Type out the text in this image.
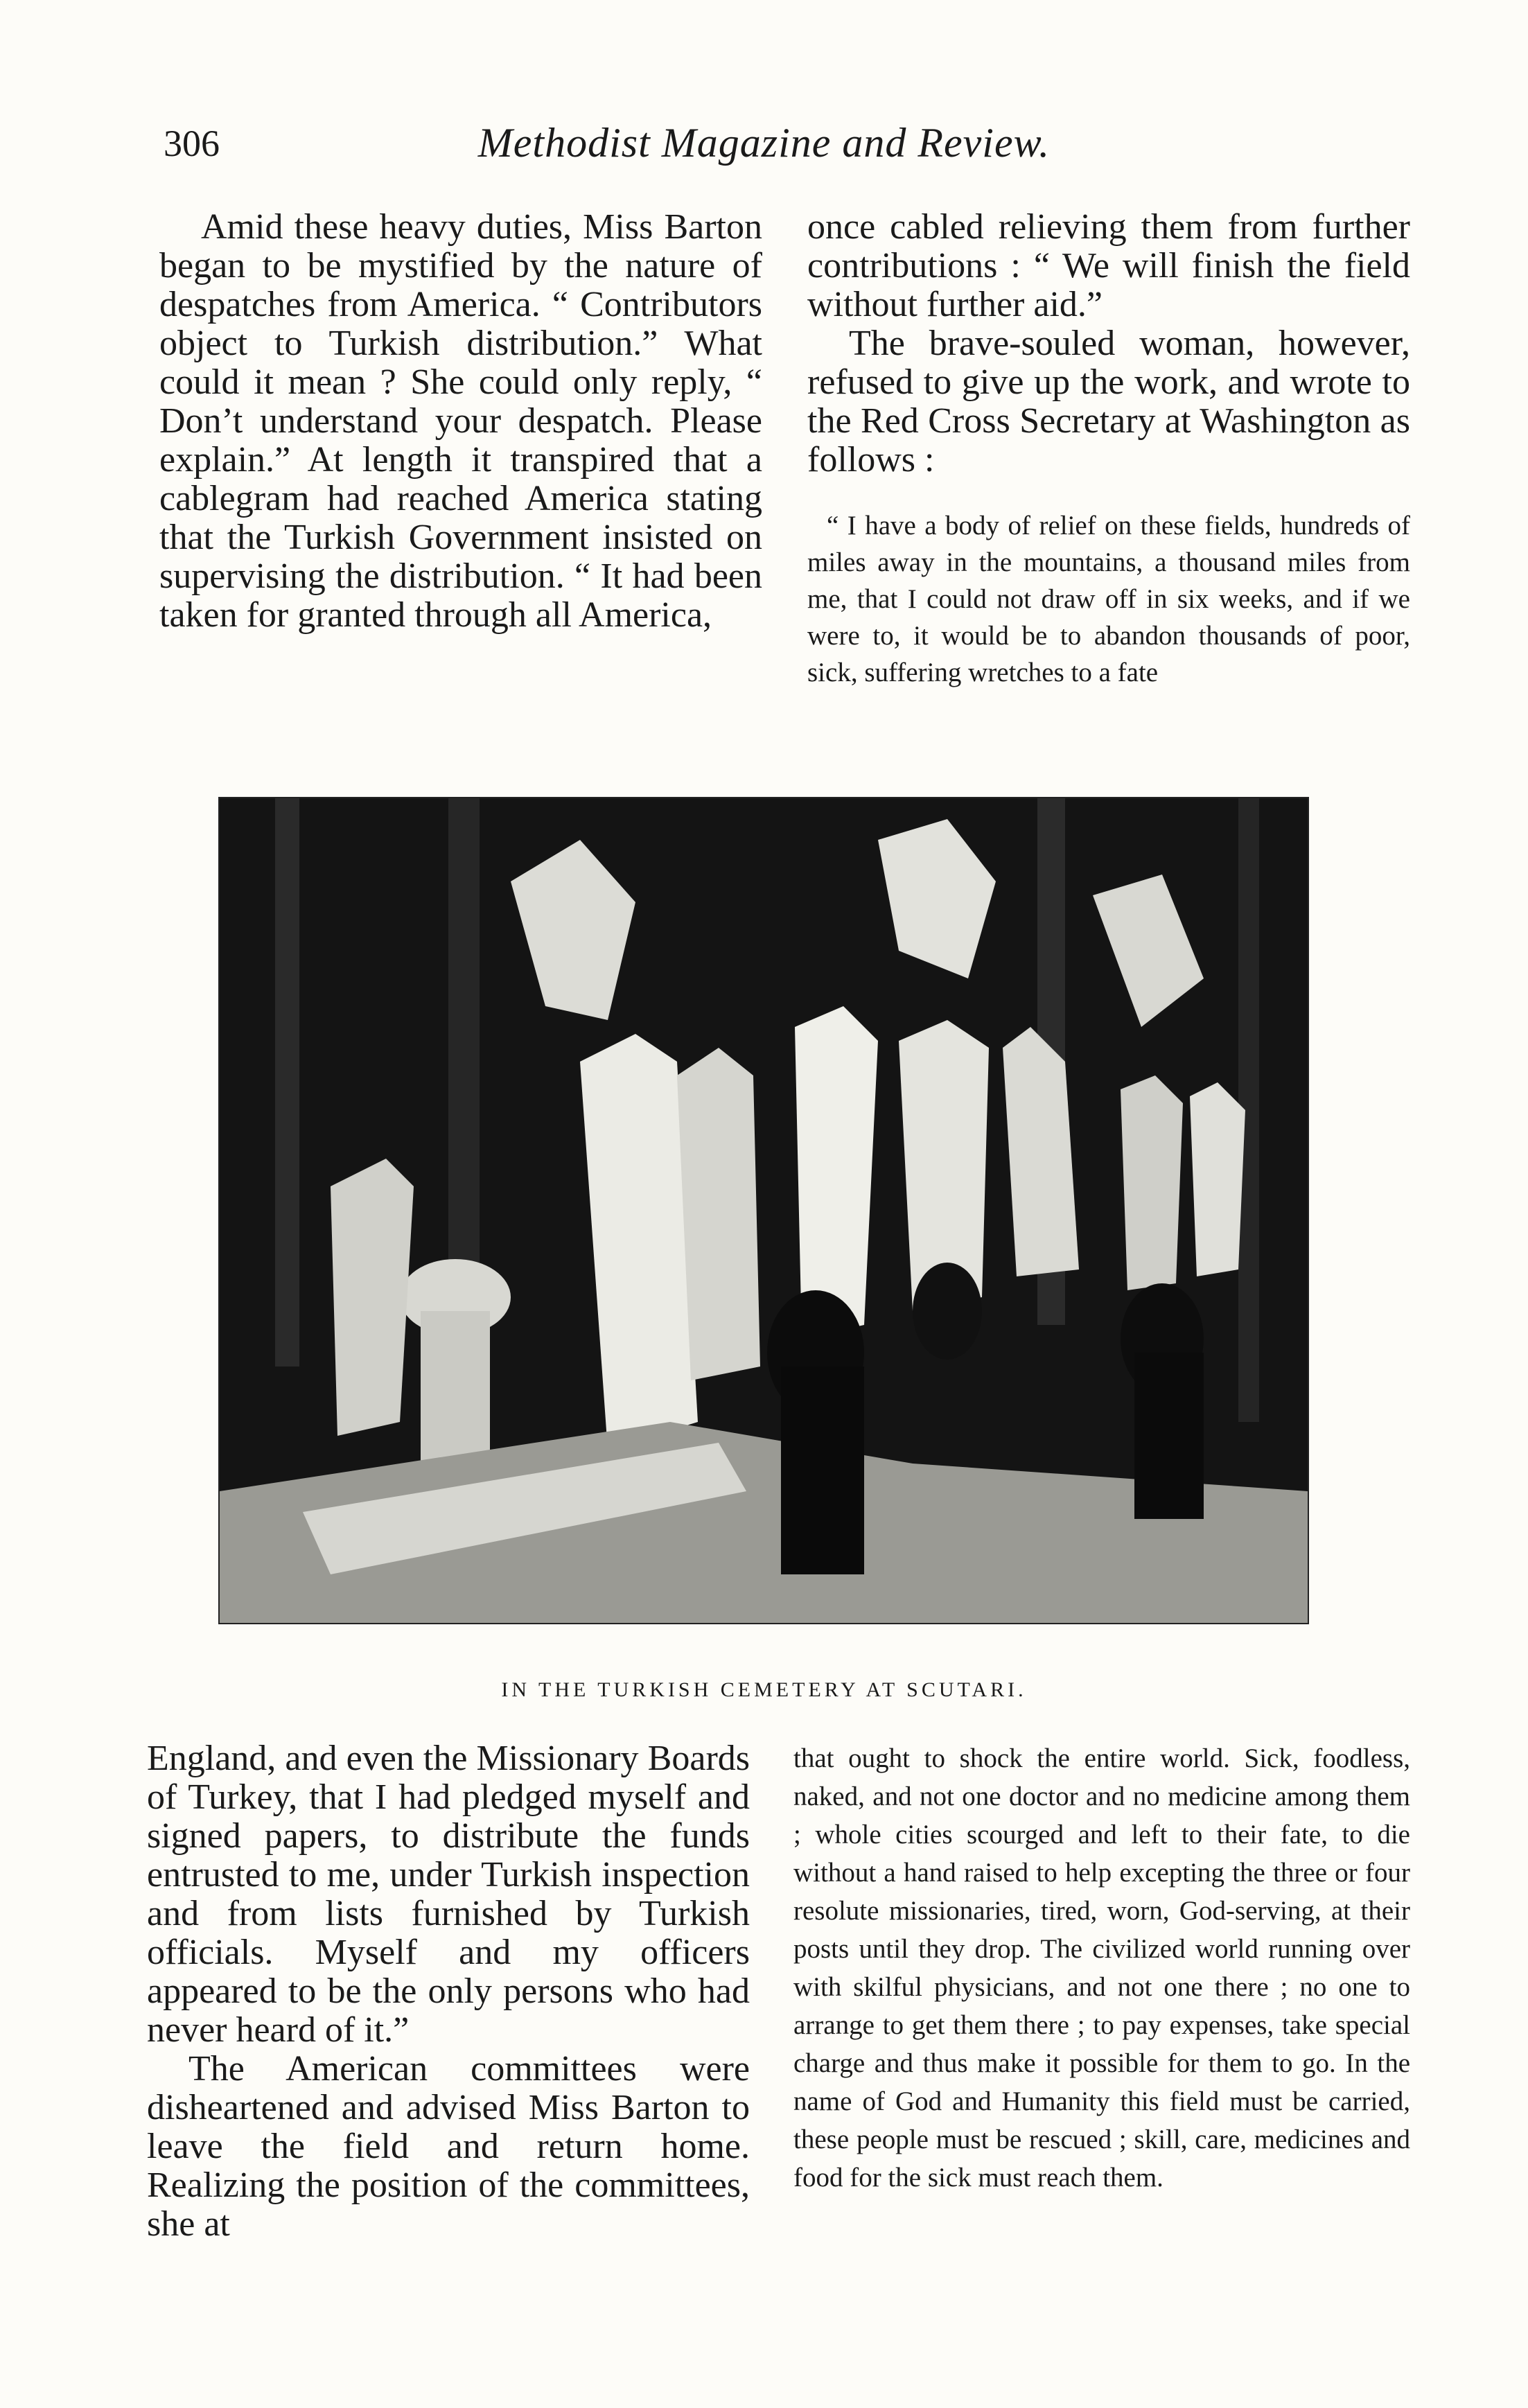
306	Methodist Magazine and Review.

Amid these heavy duties, Miss Barton began to be mystified by the nature of despatches from America. “ Contributors object to Turkish distribution.” What could it mean ? She could only reply, “ Don’t understand your despatch. Please explain.” At length it transpired that a cablegram had reached America stating that the Turkish Government insisted on supervising the distribution. “ It had been taken for granted through all America,

once cabled relieving them from further contributions : “ We will finish the field without further aid.”

The brave-souled woman, however, refused to give up the work, and wrote to the Red Cross Secretary at Washington as follows :

“ I have a body of relief on these fields, hundreds of miles away in the mountains, a thousand miles from me, that I could not draw off in six weeks, and if we were to, it would be to abandon thousands of poor, sick, suffering wretches to a fate

IN THE TURKISH CEMETERY AT SCUTARI.

England, and even the Missionary Boards of Turkey, that I had pledged myself and signed papers, to distribute the funds entrusted to me, under Turkish inspection and from lists furnished by Turkish officials. Myself and my officers appeared to be the only persons who had never heard of it.”

The American committees were disheartened and advised Miss Barton to leave the field and return home. Realizing the position of the committees, she at

that ought to shock the entire world. Sick, foodless, naked, and not one doctor and no medicine among them ; whole cities scourged and left to their fate, to die without a hand raised to help excepting the three or four resolute missionaries, tired, worn, God-serving, at their posts until they drop. The civilized world running over with skilful physicians, and not one there ; no one to arrange to get them there ; to pay expenses, take special charge and thus make it possible for them to go. In the name of God and Humanity this field must be carried, these people must be rescued ; skill, care, medicines and food for the sick must reach them.
